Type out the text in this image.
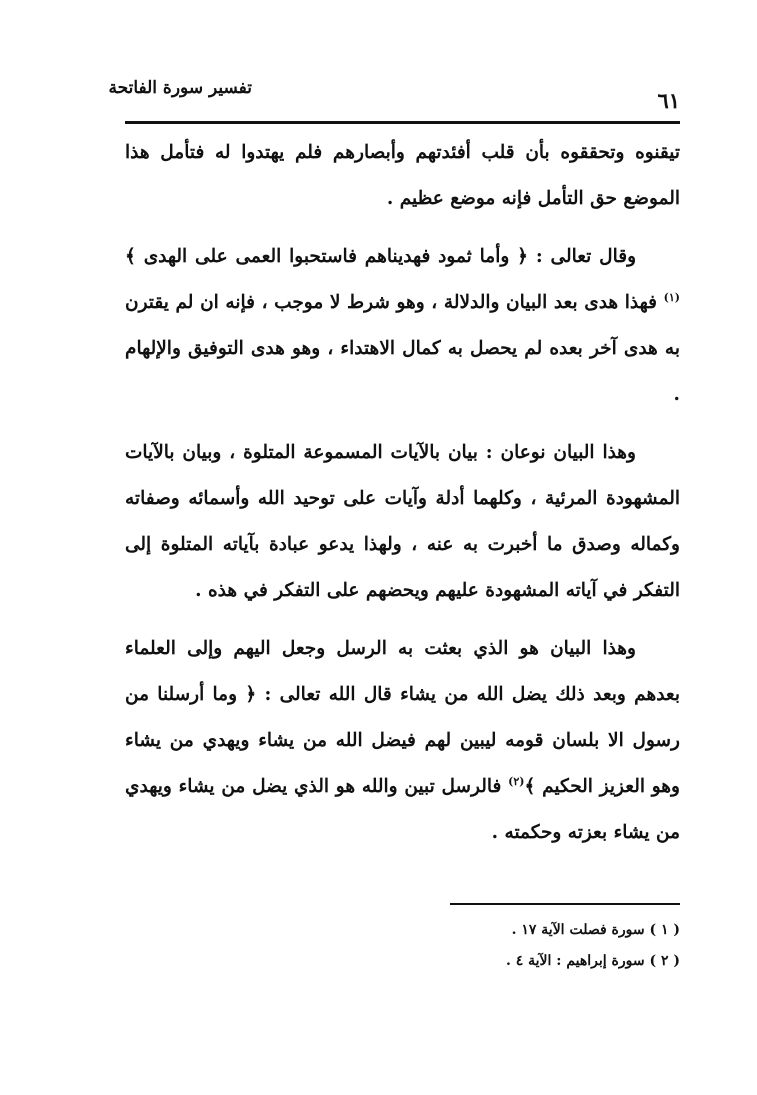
٦١
تفسير سورة الفاتحة

تيقنوه وتحققوه بأن قلب أفئدتهم وأبصارهم فلم يهتدوا له فتأمل هذا الموضع حق التأمل فإنه موضع عظيم .

وقال تعالى : ﴿ وأما ثمود فهديناهم فاستحبوا العمى على الهدى ﴾$^{(١)}$ فهذا هدى بعد البيان والدلالة ، وهو شرط لا موجب ، فإنه ان لم يقترن به هدى آخر بعده لم يحصل به كمال الاهتداء ، وهو هدى التوفيق والإلهام .

وهذا البيان نوعان : بيان بالآيات المسموعة المتلوة ، وبيان بالآيات المشهودة المرئية ، وكلهما أدلة وآيات على توحيد الله وأسمائه وصفاته وكماله وصدق ما أخبرت به عنه ، ولهذا يدعو عبادة بآياته المتلوة إلى التفكر في آياته المشهودة عليهم ويحضهم على التفكر في هذه .

وهذا البيان هو الذي بعثت به الرسل وجعل اليهم وإلى العلماء بعدهم وبعد ذلك يضل الله من يشاء قال الله تعالى : ﴿ وما أرسلنا من رسول الا بلسان قومه ليبين لهم فيضل الله من يشاء ويهدي من يشاء وهو العزيز الحكيم ﴾$^{(٢)}$ فالرسل تبين والله هو الذي يضل من يشاء ويهدي من يشاء بعزته وحكمته .

( ١ ) سورة فصلت الآية ١٧ .

( ٢ ) سورة إبراهيم : الآية ٤ .
